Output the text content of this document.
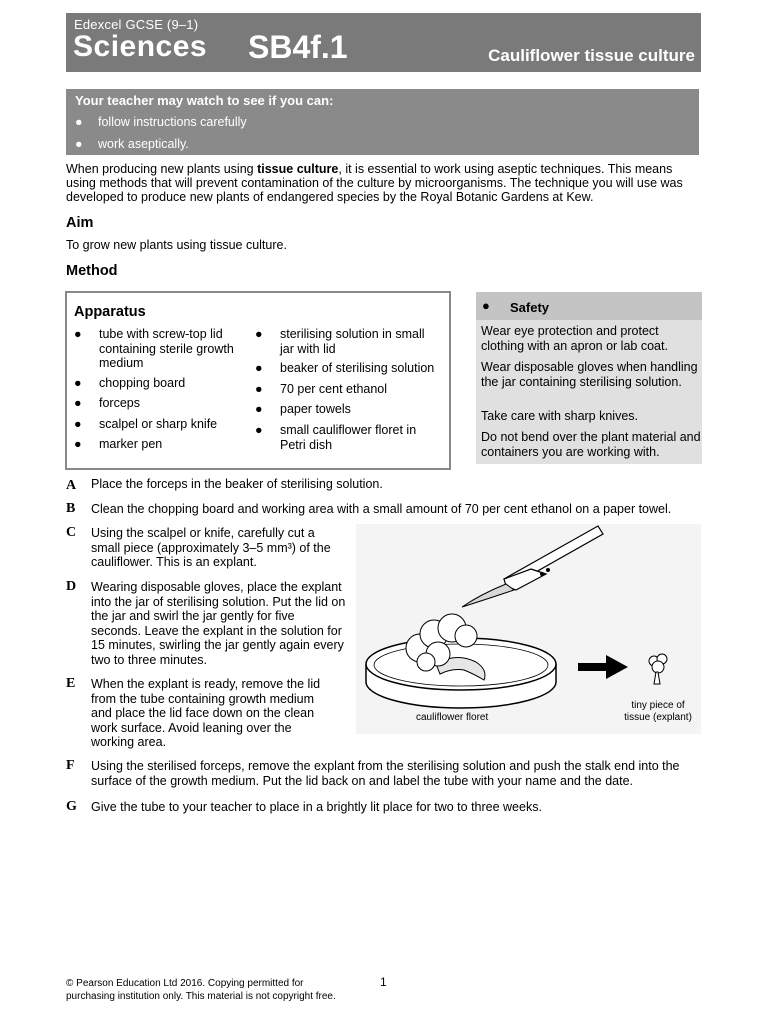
Edexcel GCSE (9–1)
Sciences SB4f.1	Cauliflower tissue culture
Your teacher may watch to see if you can:
● follow instructions carefully
● work aseptically.

When producing new plants using tissue culture, it is essential to work using aseptic techniques. This means using methods that will prevent contamination of the culture by microorganisms. The technique you will use was developed to produce new plants of endangered species by the Royal Botanic Gardens at Kew.

Aim
To grow new plants using tissue culture.
Method
Apparatus
● tube with screw-top lid containing sterile growth medium
● chopping board
● forceps
● scalpel or sharp knife
● marker pen
● sterilising solution in small jar with lid
● beaker of sterilising solution
● 70 per cent ethanol
● paper towels
● small cauliflower floret in Petri dish
● Safety
Wear eye protection and protect clothing with an apron or lab coat.
Wear disposable gloves when handling the jar containing sterilising solution.
Take care with sharp knives.
Do not bend over the plant material and containers you are working with.
A Place the forceps in the beaker of sterilising solution.
B Clean the chopping board and working area with a small amount of 70 per cent ethanol on a paper towel.
C Using the scalpel or knife, carefully cut a small piece (approximately 3–5 mm³) of the cauliflower. This is an explant.
D Wearing disposable gloves, place the explant into the jar of sterilising solution. Put the lid on the jar and swirl the jar gently for five seconds. Leave the explant in the solution for 15 minutes, swirling the jar gently again every two to three minutes.
E When the explant is ready, remove the lid from the tube containing growth medium and place the lid face down on the clean work surface. Avoid leaning over the working area.
F Using the sterilised forceps, remove the explant from the sterilising solution and push the stalk end into the surface of the growth medium. Put the lid back on and label the tube with your name and the date.
G Give the tube to your teacher to place in a brightly lit place for two to three weeks.
cauliflower floret
tiny piece of
tissue (explant)
© Pearson Education Ltd 2016. Copying permitted for
purchasing institution only. This material is not copyright free.
1
